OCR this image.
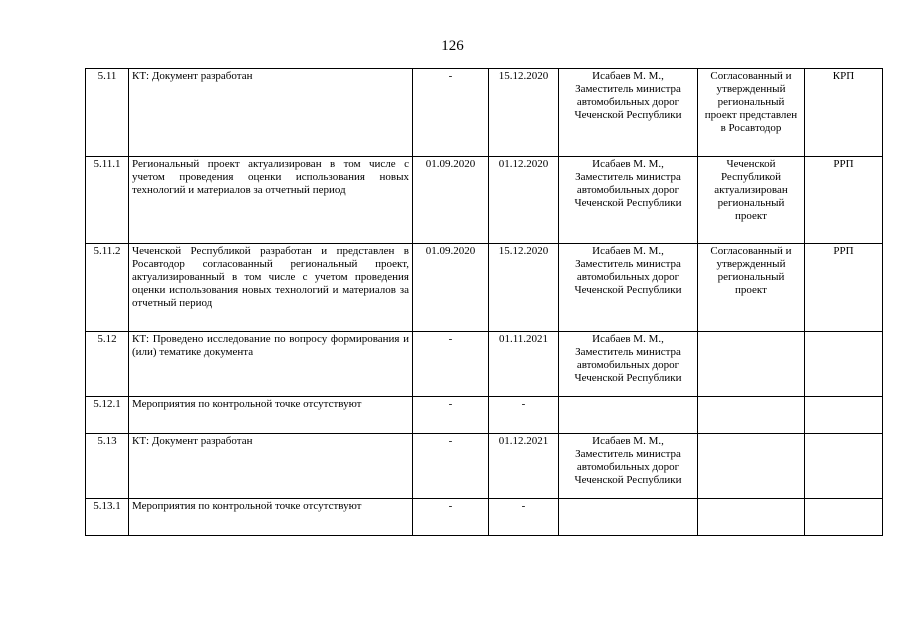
126
5.11	КТ: Документ разработан	-	15.12.2020	Исабаев М. М., Заместитель министра автомобильных дорог Чеченской Республики	Согласованный и утвержденный региональный проект представлен в Росавтодор	КРП
5.11.1	Региональный проект актуализирован в том числе с учетом проведения оценки использования новых технологий и материалов за отчетный период	01.09.2020	01.12.2020	Исабаев М. М., Заместитель министра автомобильных дорог Чеченской Республики	Чеченской Республикой актуализирован региональный проект	РРП
5.11.2	Чеченской Республикой разработан и представлен в Росавтодор согласованный региональный проект, актуализированный в том числе с учетом проведения оценки использования новых технологий и материалов за отчетный период	01.09.2020	15.12.2020	Исабаев М. М., Заместитель министра автомобильных дорог Чеченской Республики	Согласованный и утвержденный региональный проект	РРП
5.12	КТ: Проведено исследование по вопросу формирования и (или) тематике документа	-	01.11.2021	Исабаев М. М., Заместитель министра автомобильных дорог Чеченской Республики		
5.12.1	Мероприятия по контрольной точке отсутствуют	-	-			
5.13	КТ: Документ разработан	-	01.12.2021	Исабаев М. М., Заместитель министра автомобильных дорог Чеченской Республики		
5.13.1	Мероприятия по контрольной точке отсутствуют	-	-			
